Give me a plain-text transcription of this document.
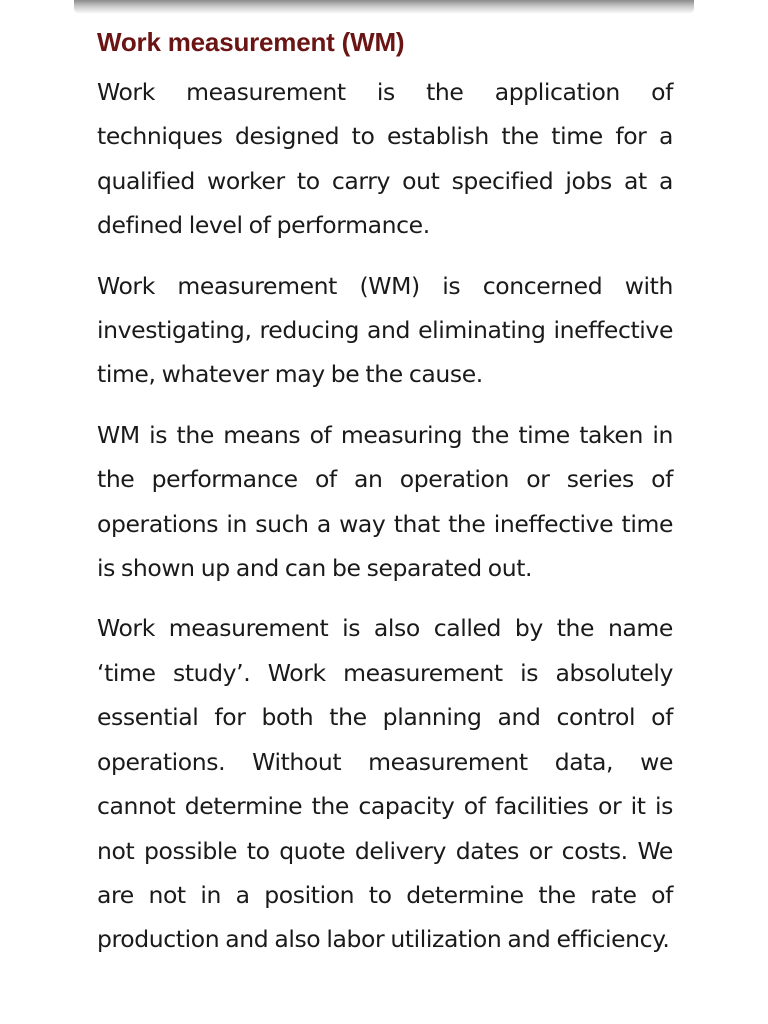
Work measurement (WM)

Work measurement is the application of techniques designed to establish the time for a qualified worker to carry out specified jobs at a defined level of performance.

Work measurement (WM) is concerned with investigating, reducing and eliminating ineffective time, whatever may be the cause.

WM is the means of measuring the time taken in the performance of an operation or series of operations in such a way that the ineffective time is shown up and can be separated out.

Work measurement is also called by the name ‘time study’. Work measurement is absolutely essential for both the planning and control of operations. Without measurement data, we cannot determine the capacity of facilities or it is not possible to quote delivery dates or costs. We are not in a position to determine the rate of production and also labor utilization and efficiency.
